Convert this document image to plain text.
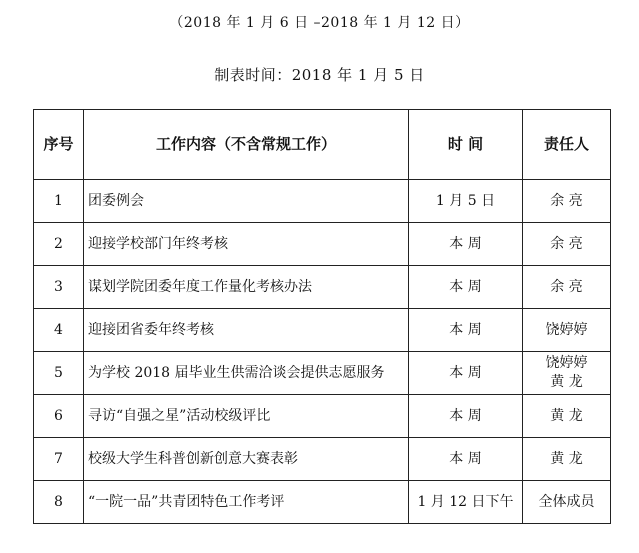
（2018 年 1 月 6 日 –2018 年 1 月 12 日）
制表时间：2018 年 1 月 5 日
序号	工作内容（不含常规工作）	时 间	责任人
1	团委例会	1 月 5 日	余 亮

2	迎接学校部门年终考核	本 周	余 亮

3	谋划学院团委年度工作量化考核办法	本 周	余 亮

4	迎接团省委年终考核	本 周	饶婷婷

5	为学校 2018 届毕业生供需洽谈会提供志愿服务	本 周	饶婷婷
黄 龙

6	寻访“自强之星”活动校级评比	本 周	黄 龙

7	校级大学生科普创新创意大赛表彰	本 周	黄 龙

8	“一院一品”共青团特色工作考评	1 月 12 日下午	全体成员
